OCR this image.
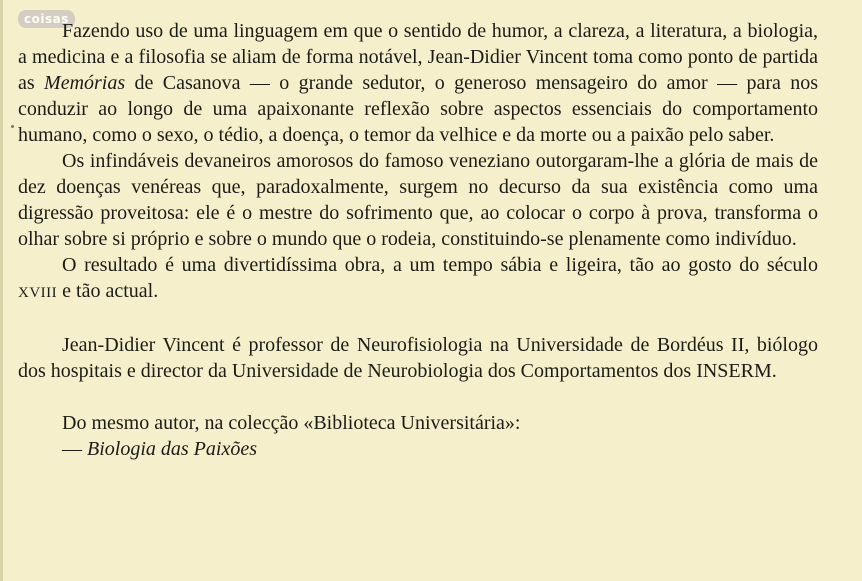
coisas

Fazendo uso de uma linguagem em que o sentido de humor, a clareza, a literatura, a biologia, a medicina e a filosofia se aliam de forma notável, Jean-Didier Vincent toma como ponto de partida as Memórias de Casanova — o grande sedutor, o generoso mensageiro do amor — para nos conduzir ao longo de uma apaixonante reflexão sobre aspectos essenciais do comportamento humano, como o sexo, o tédio, a doença, o temor da velhice e da morte ou a paixão pelo saber.

Os infindáveis devaneiros amorosos do famoso veneziano outorgaram-lhe a glória de mais de dez doenças venéreas que, paradoxalmente, surgem no decurso da sua existência como uma digressão proveitosa: ele é o mestre do sofrimento que, ao colocar o corpo à prova, transforma o olhar sobre si próprio e sobre o mundo que o rodeia, constituindo-se plenamente como indivíduo.

O resultado é uma divertidíssima obra, a um tempo sábia e ligeira, tão ao gosto do século XVIII e tão actual.

Jean-Didier Vincent é professor de Neurofisiologia na Universidade de Bordéus II, biólogo dos hospitais e director da Universidade de Neurobiologia dos Comportamentos dos INSERM.

Do mesmo autor, na colecção «Biblioteca Universitária»:

— Biologia das Paixões
